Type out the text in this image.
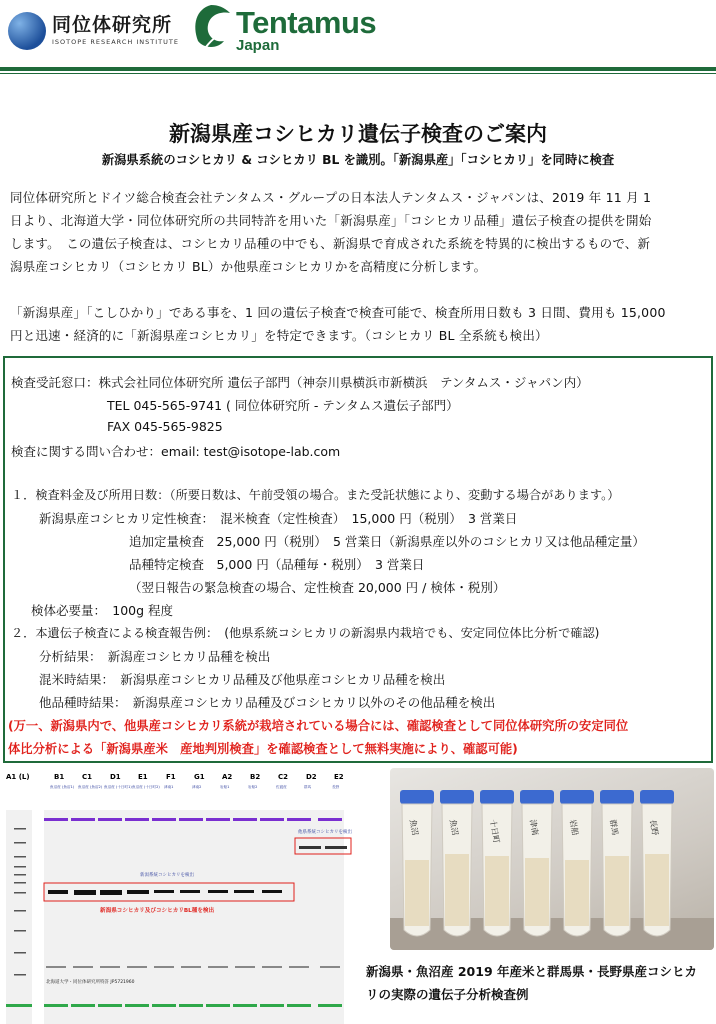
同位体研究所
ISOTOPE RESEARCH INSTITUTE
Tentamus
Japan
新潟県産コシヒカリ遺伝子検査のご案内
新潟県系統のコシヒカリ & コシヒカリ BL を識別。「新潟県産」「コシヒカリ」を同時に検査
同位体研究所とドイツ総合検査会社テンタムス・グループの日本法人テンタムス・ジャパンは、2019 年 11 月 1
日より、北海道大学・同位体研究所の共同特許を用いた「新潟県産」「コシヒカリ品種」遺伝子検査の提供を開始
します。　この遺伝子検査は、コシヒカリ品種の中でも、新潟県で育成された系統を特異的に検出するもので、新
潟県産コシヒカリ（コシヒカリ BL）か他県産コシヒカリかを高精度に分析します。
「新潟県産」「こしひかり」である事を、1 回の遺伝子検査で検査可能で、検査所用日数も 3 日間、費用も 15,000
円と迅速・経済的に「新潟県産コシヒカリ」を特定できます。（コシヒカリ BL 全系統も検出）
検査受託窓口：株式会社同位体研究所 遺伝子部門（神奈川県横浜市新横浜　テンタムス・ジャパン内）
TEL 045-565-9741 ( 同位体研究所 - テンタムス遺伝子部門）
FAX 045-565-9825
検査に関する問い合わせ：email: test@isotope-lab.com
１．検査料金及び所用日数：（所要日数は、午前受領の場合。また受託状態により、変動する場合があります。）
新潟県産コシヒカリ定性検査：　混米検査（定性検査）　15,000 円（税別）　3 営業日
追加定量検査　25,000 円（税別）　5 営業日（新潟県産以外のコシヒカリ又は他品種定量）
品種特定検査　5,000 円（品種毎・税別）　3 営業日
（翌日報告の緊急検査の場合、定性検査 20,000 円 / 検体・税別）
検体必要量：　100g 程度
２．本遺伝子検査による検査報告例：　(他県系統コシヒカリの新潟県内栽培でも、安定同位体比分析で確認)
分析結果：　新潟産コシヒカリ品種を検出
混米時結果：　新潟県産コシヒカリ品種及び他県産コシヒカリ品種を検出
他品種時結果：　新潟県産コシヒカリ品種及びコシヒカリ以外のその他品種を検出
(万一、新潟県内で、他県産コシヒカリ系統が栽培されている場合には、確認検査として同位体研究所の安定同位
体比分析による「新潟県産米　産地判別検査」を確認検査として無料実施により、確認可能)
A1 (L)	B1	C1	D1 E1	F1	G1 A2	B2	C2	D2 E2
魚沼産 (魚沼1) 魚沼産 (魚沼2) 魚沼産 (十日町1) 魚沼産 (十日町2) 津南1	津南2	岩船1	岩船2	佐渡産	群馬	長野
他県系統コシヒカリを検出
新潟系統コシヒカリを検出
新潟県コシヒカリ及びコシヒカリBL種を検出
北海道大学・同位体研究所特許 JP5721960
魚沼	魚沼	十日町	津南	岩船	群馬	長野
新潟県・魚沼産 2019 年産米と群馬県・長野県産コシヒカ
リの実際の遺伝子分析検査例
